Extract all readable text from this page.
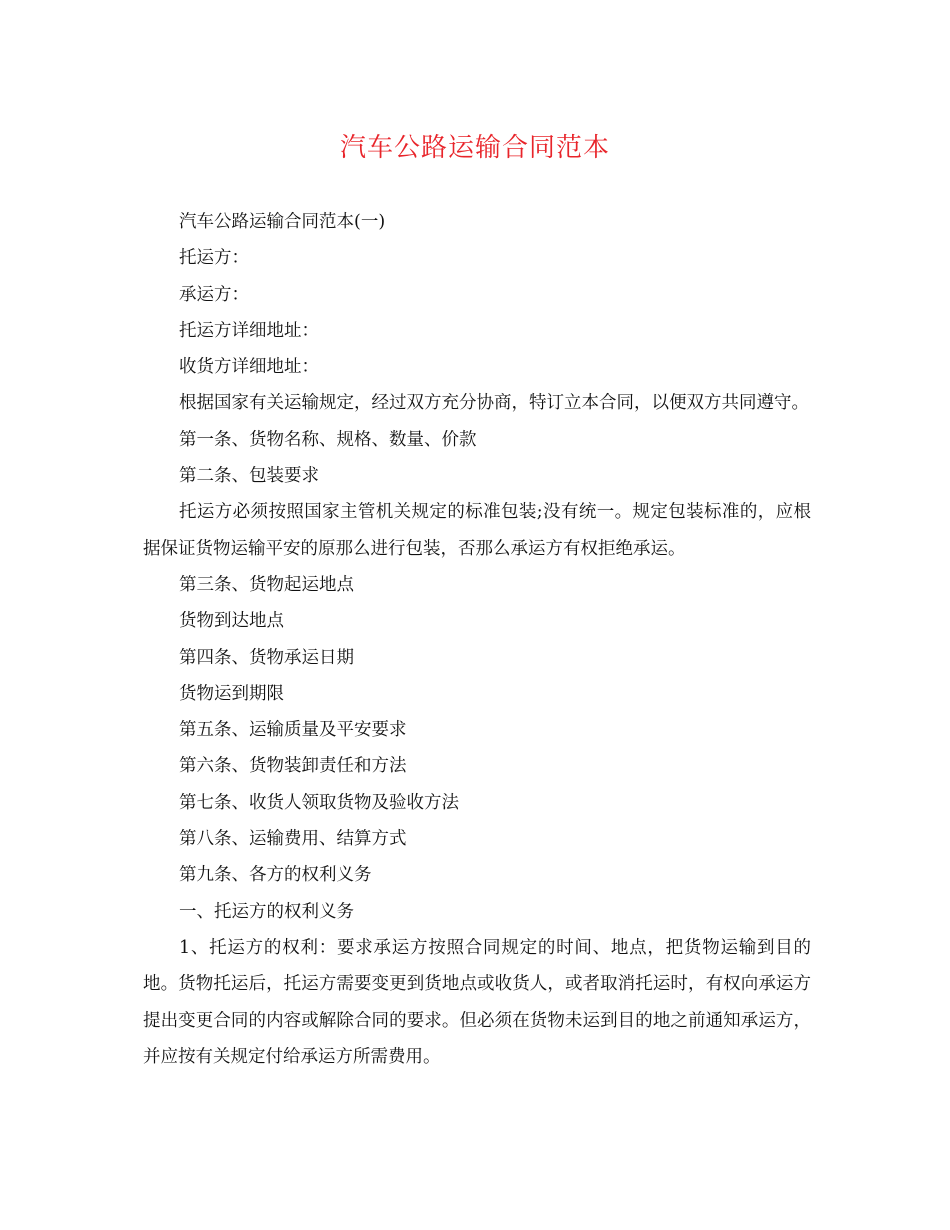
汽车公路运输合同范本

汽车公路运输合同范本(一)

托运方：

承运方：

托运方详细地址：

收货方详细地址：

根据国家有关运输规定，经过双方充分协商，特订立本合同，以便双方共同遵守。

第一条、货物名称、规格、数量、价款

第二条、包装要求

托运方必须按照国家主管机关规定的标准包装;没有统一。规定包装标准的，应根据保证货物运输平安的原那么进行包装，否那么承运方有权拒绝承运。

第三条、货物起运地点

货物到达地点

第四条、货物承运日期

货物运到期限

第五条、运输质量及平安要求

第六条、货物装卸责任和方法

第七条、收货人领取货物及验收方法

第八条、运输费用、结算方式

第九条、各方的权利义务

一、托运方的权利义务

1、托运方的权利：要求承运方按照合同规定的时间、地点，把货物运输到目的地。货物托运后，托运方需要变更到货地点或收货人，或者取消托运时，有权向承运方提出变更合同的内容或解除合同的要求。但必须在货物未运到目的地之前通知承运方，并应按有关规定付给承运方所需费用。
